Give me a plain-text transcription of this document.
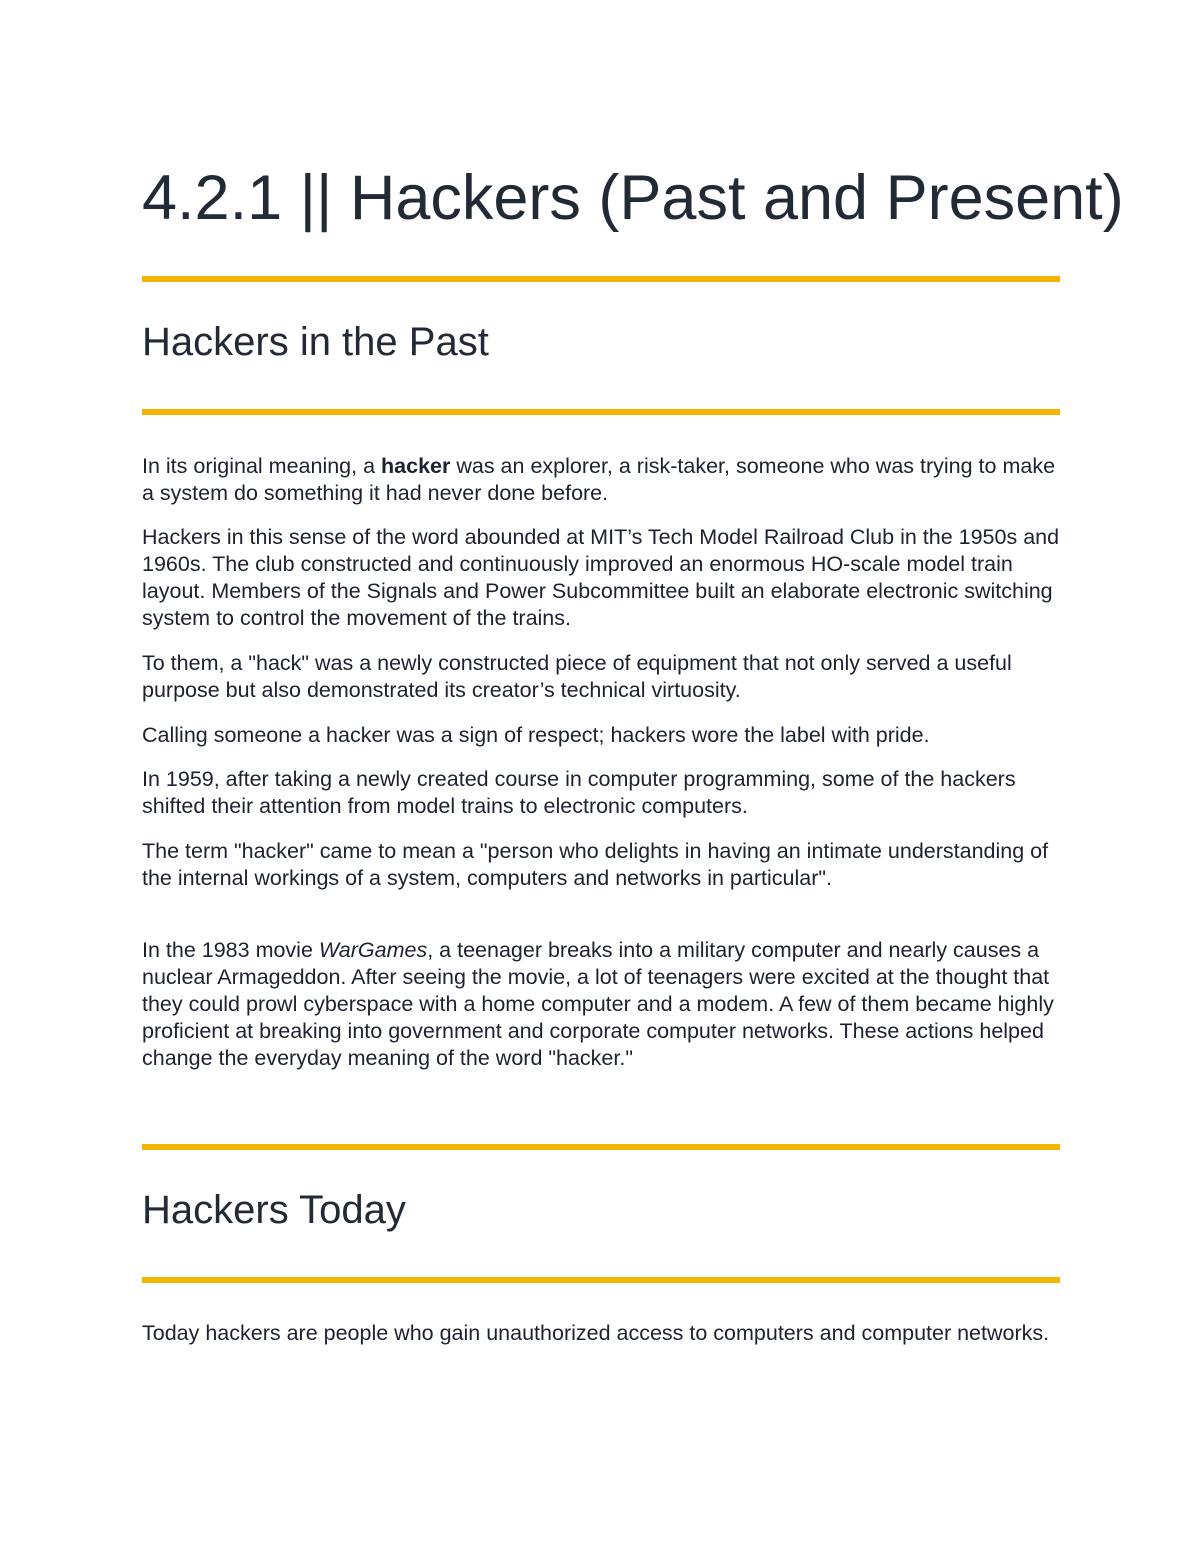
4.2.1 || Hackers (Past and Present)
Hackers in the Past

In its original meaning, a hacker was an explorer, a risk-taker, someone who was trying to make a system do something it had never done before.

Hackers in this sense of the word abounded at MIT’s Tech Model Railroad Club in the 1950s and 1960s. The club constructed and continuously improved an enormous HO-scale model train layout. Members of the Signals and Power Subcommittee built an elaborate electronic switching system to control the movement of the trains.

To them, a "hack" was a newly constructed piece of equipment that not only served a useful purpose but also demonstrated its creator’s technical virtuosity.

Calling someone a hacker was a sign of respect; hackers wore the label with pride.

In 1959, after taking a newly created course in computer programming, some of the hackers shifted their attention from model trains to electronic computers.

The term "hacker" came to mean a "person who delights in having an intimate understanding of the internal workings of a system, computers and networks in particular".

In the 1983 movie WarGames, a teenager breaks into a military computer and nearly causes a nuclear Armageddon. After seeing the movie, a lot of teenagers were excited at the thought that they could prowl cyberspace with a home computer and a modem. A few of them became highly proficient at breaking into government and corporate computer networks. These actions helped change the everyday meaning of the word "hacker."

Hackers Today

Today hackers are people who gain unauthorized access to computers and computer networks.
